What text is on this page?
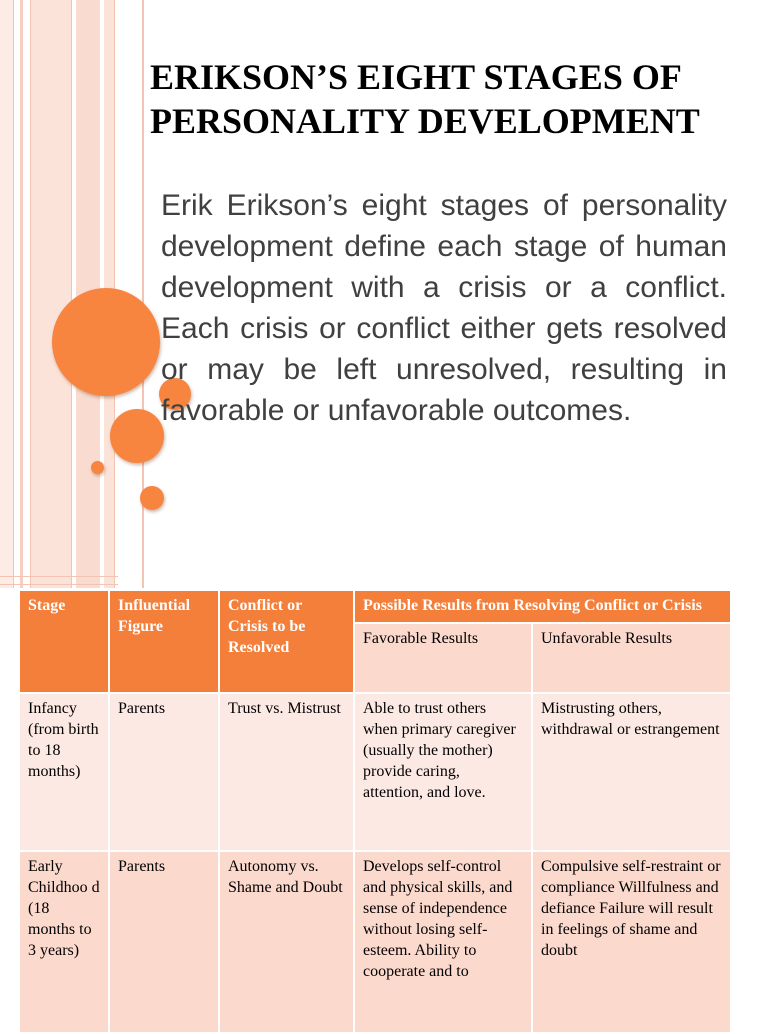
ERIKSON’S EIGHT STAGES OF
PERSONALITY DEVELOPMENT

Erik Erikson’s eight stages of personality development define each stage of human development with a crisis or a conflict. Each crisis or conflict either gets resolved or may be left unresolved, resulting in favorable or unfavorable outcomes.

Stage	Influential Figure	Conflict or Crisis to be Resolved	Possible Results from Resolving Conflict or Crisis	
			Favorable Results	Unfavorable Results
Infancy (from birth to 18 months)	Parents	Trust vs. Mistrust	Able to trust others when primary caregiver (usually the mother) provide caring, attention, and love.	Mistrusting others, withdrawal or estrangement
Early Childhoo d (18 months to 3 years)	Parents	Autonomy vs. Shame and Doubt	Develops self-control and physical skills, and sense of independence without losing self-esteem. Ability to cooperate and to	Compulsive self-restraint or compliance Willfulness and defiance Failure will result in feelings of shame and doubt
